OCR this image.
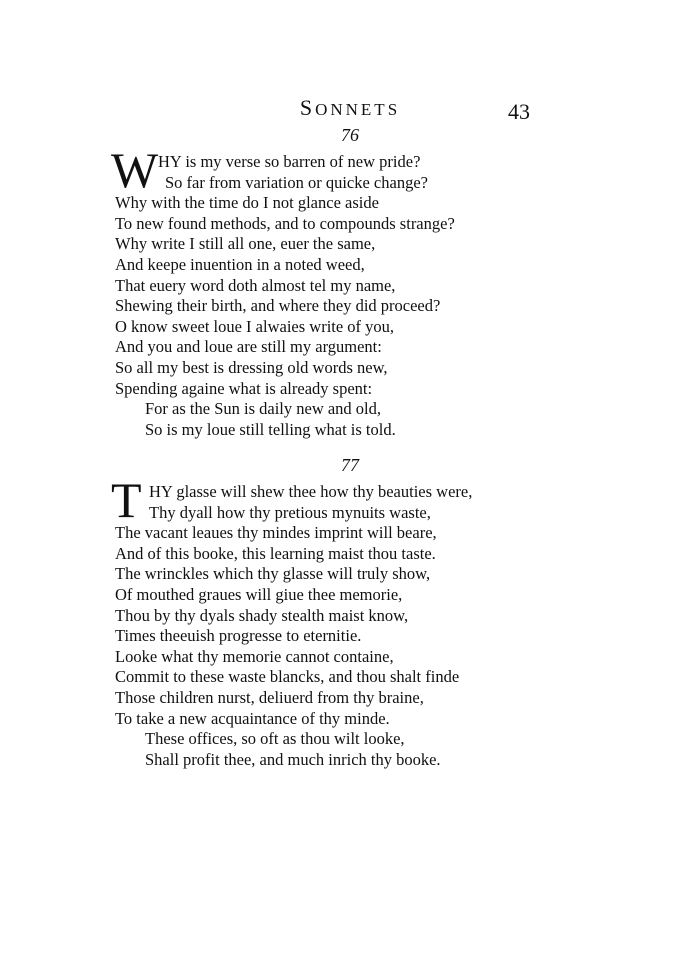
SONNETS	43
76
W HY is my verse so barren of new pride?
So far from variation or quicke change?
Why with the time do I not glance aside
To new found methods, and to compounds strange?
Why write I still all one, euer the same,
And keepe inuention in a noted weed,
That euery word doth almost tel my name,
Shewing their birth, and where they did proceed?
O know sweet loue I alwaies write of you,
And you and loue are still my argument:
So all my best is dressing old words new,
Spending againe what is already spent:
For as the Sun is daily new and old,
So is my loue still telling what is told.
77
T HY glasse will shew thee how thy beauties were,
Thy dyall how thy pretious mynuits waste,
The vacant leaues thy mindes imprint will beare,
And of this booke, this learning maist thou taste.
The wrinckles which thy glasse will truly show,
Of mouthed graues will giue thee memorie,
Thou by thy dyals shady stealth maist know,
Times theeuish progresse to eternitie.
Looke what thy memorie cannot containe,
Commit to these waste blancks, and thou shalt finde
Those children nurst, deliuerd from thy braine,
To take a new acquaintance of thy minde.
These offices, so oft as thou wilt looke,
Shall profit thee, and much inrich thy booke.
